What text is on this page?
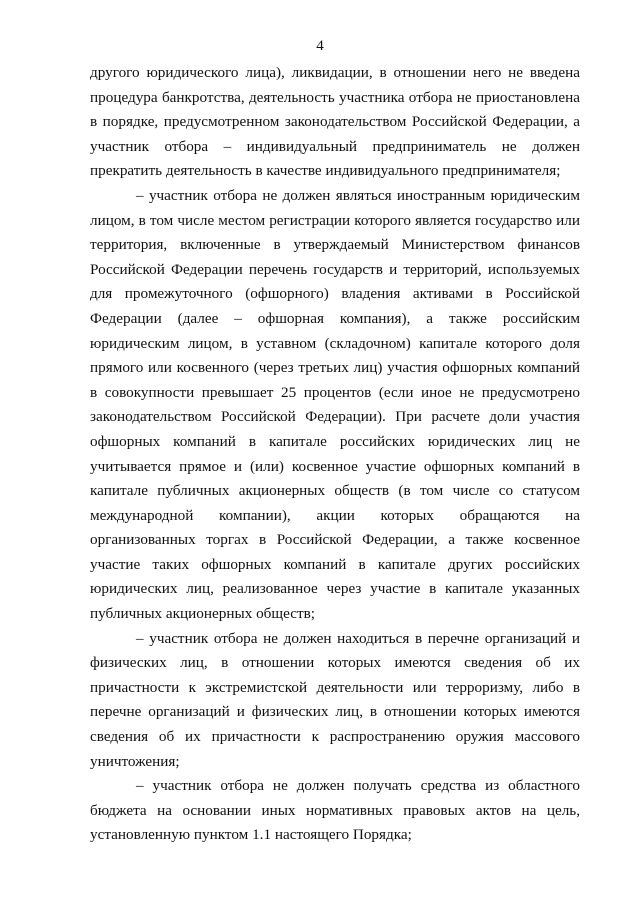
4

другого юридического лица), ликвидации, в отношении него не введена процедура банкротства, деятельность участника отбора не приостановлена в порядке, предусмотренном законодательством Российской Федерации, а участник отбора – индивидуальный предприниматель не должен прекратить деятельность в качестве индивидуального предпринимателя;

– участник отбора не должен являться иностранным юридическим лицом, в том числе местом регистрации которого является государство или территория, включенные в утверждаемый Министерством финансов Российской Федерации перечень государств и территорий, используемых для промежуточного (офшорного) владения активами в Российской Федерации (далее – офшорная компания), а также российским юридическим лицом, в уставном (складочном) капитале которого доля прямого или косвенного (через третьих лиц) участия офшорных компаний в совокупности превышает 25 процентов (если иное не предусмотрено законодательством Российской Федерации). При расчете доли участия офшорных компаний в капитале российских юридических лиц не учитывается прямое и (или) косвенное участие офшорных компаний в капитале публичных акционерных обществ (в том числе со статусом международной компании), акции которых обращаются на организованных торгах в Российской Федерации, а также косвенное участие таких офшорных компаний в капитале других российских юридических лиц, реализованное через участие в капитале указанных публичных акционерных обществ;

– участник отбора не должен находиться в перечне организаций и физических лиц, в отношении которых имеются сведения об их причастности к экстремистской деятельности или терроризму, либо в перечне организаций и физических лиц, в отношении которых имеются сведения об их причастности к распространению оружия массового уничтожения;

– участник отбора не должен получать средства из областного бюджета на основании иных нормативных правовых актов на цель, установленную пунктом 1.1 настоящего Порядка;
